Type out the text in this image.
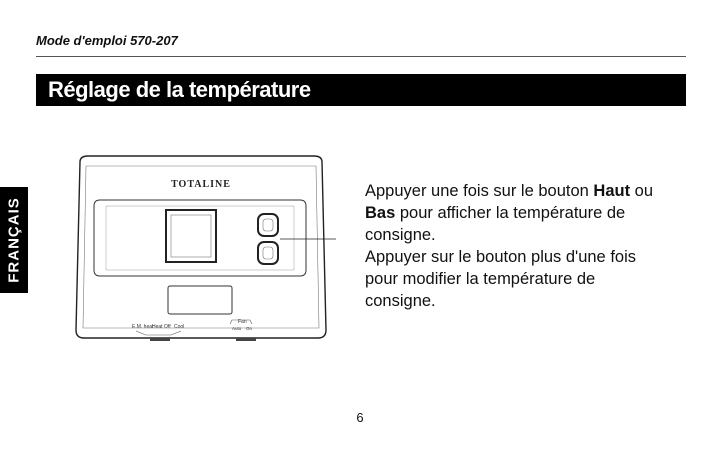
Mode d'emploi 570-207
Réglage de la température
FRANÇAIS
TOTALINE
E.M. heat
Heat Off Cool
Fan
Auto On

Appuyer une fois sur le bouton Haut ou Bas pour afficher la température de consigne.

Appuyer sur le bouton plus d'une fois pour modifier la température de consigne.

6
